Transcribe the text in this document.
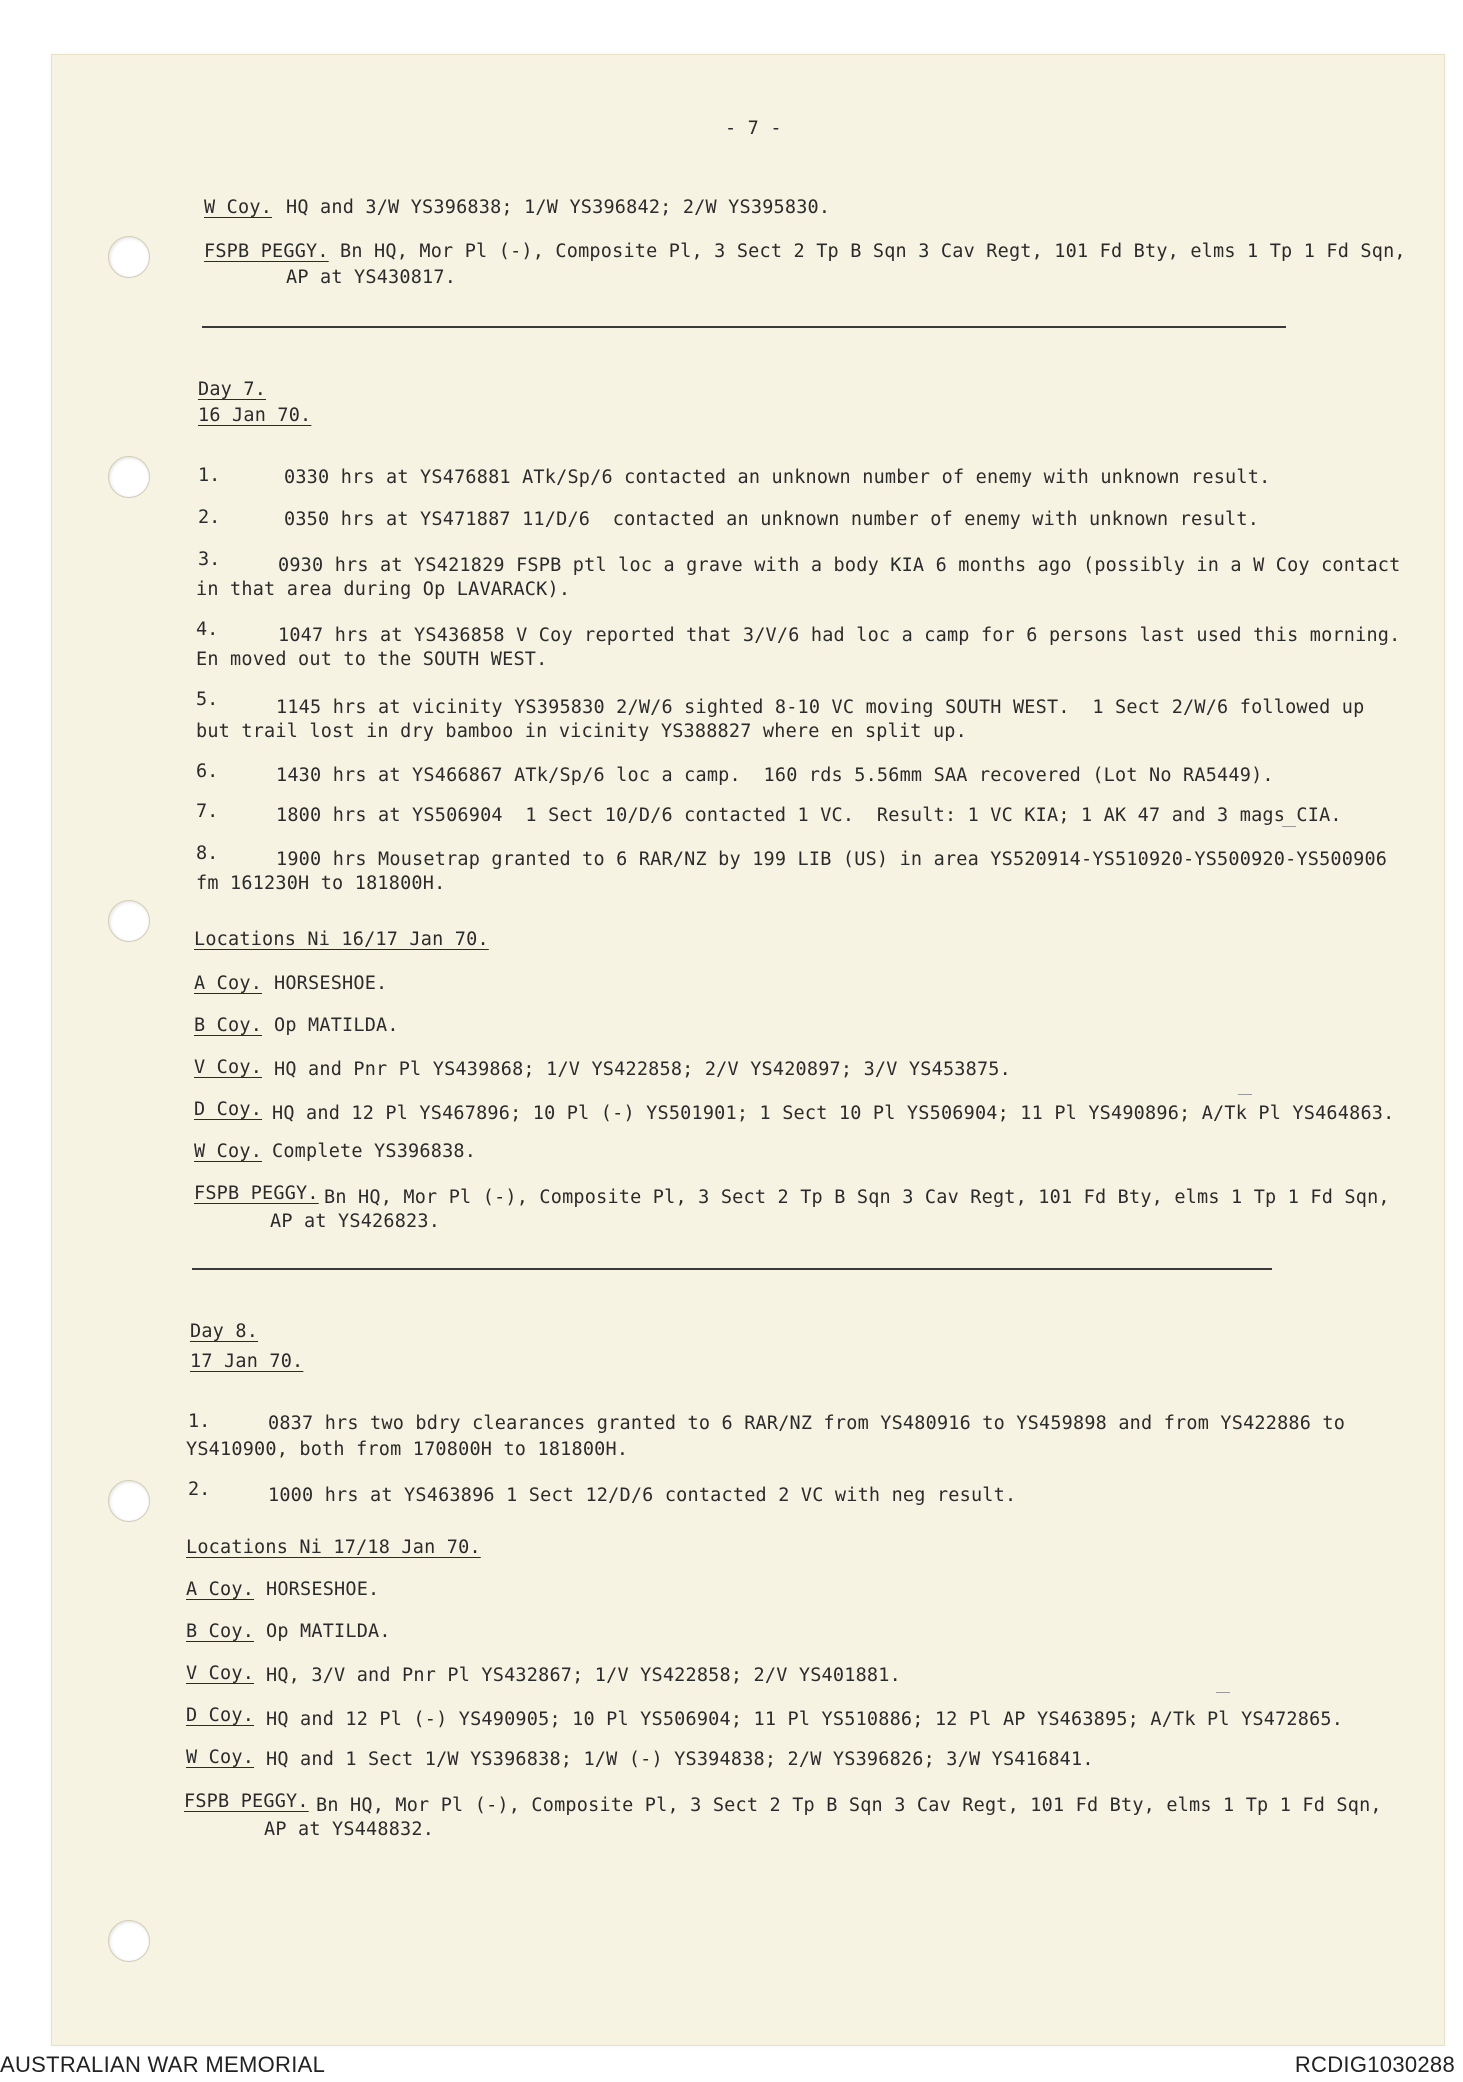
- 7 -
W Coy. HQ and 3/W YS396838; 1/W YS396842; 2/W YS395830.
FSPB PEGGY. Bn HQ, Mor Pl (-), Composite Pl, 3 Sect 2 Tp B Sqn 3 Cav Regt, 101 Fd Bty, elms 1 Tp 1 Fd Sqn,
AP at YS430817.
Day 7.
16 Jan 70.
1.	0330 hrs at YS476881 ATk/Sp/6 contacted an unknown number of enemy with unknown result.
2.	0350 hrs at YS471887 11/D/6  contacted an unknown number of enemy with unknown result.
3.	0930 hrs at YS421829 FSPB ptl loc a grave with a body KIA 6 months ago (possibly in a W Coy contact
in that area during Op LAVARACK).
4.	1047 hrs at YS436858 V Coy reported that 3/V/6 had loc a camp for 6 persons last used this morning.
En moved out to the SOUTH WEST.
5.	1145 hrs at vicinity YS395830 2/W/6 sighted 8-10 VC moving SOUTH WEST.  1 Sect 2/W/6 followed up
but trail lost in dry bamboo in vicinity YS388827 where en split up.
6.	1430 hrs at YS466867 ATk/Sp/6 loc a camp.  160 rds 5.56mm SAA recovered (Lot No RA5449).
7.	1800 hrs at YS506904  1 Sect 10/D/6 contacted 1 VC.  Result: 1 VC KIA; 1 AK 47 and 3 mags CIA.
8.	1900 hrs Mousetrap granted to 6 RAR/NZ by 199 LIB (US) in area YS520914-YS510920-YS500920-YS500906
fm 161230H to 181800H.
Locations Ni 16/17 Jan 70.
A Coy. HORSESHOE.
B Coy. Op MATILDA.
V Coy. HQ and Pnr Pl YS439868; 1/V YS422858; 2/V YS420897; 3/V YS453875.
D Coy. HQ and 12 Pl YS467896; 10 Pl (-) YS501901; 1 Sect 10 Pl YS506904; 11 Pl YS490896; A/Tk Pl YS464863.
W Coy. Complete YS396838.
FSPB PEGGY. Bn HQ, Mor Pl (-), Composite Pl, 3 Sect 2 Tp B Sqn 3 Cav Regt, 101 Fd Bty, elms 1 Tp 1 Fd Sqn,
AP at YS426823.
Day 8.
17 Jan 70.
1.	0837 hrs two bdry clearances granted to 6 RAR/NZ from YS480916 to YS459898 and from YS422886 to
YS410900, both from 170800H to 181800H.
2.	1000 hrs at YS463896 1 Sect 12/D/6 contacted 2 VC with neg result.
Locations Ni 17/18 Jan 70.
A Coy. HORSESHOE.
B Coy. Op MATILDA.
V Coy. HQ, 3/V and Pnr Pl YS432867; 1/V YS422858; 2/V YS401881.
D Coy. HQ and 12 Pl (-) YS490905; 10 Pl YS506904; 11 Pl YS510886; 12 Pl AP YS463895; A/Tk Pl YS472865.
W Coy. HQ and 1 Sect 1/W YS396838; 1/W (-) YS394838; 2/W YS396826; 3/W YS416841.
FSPB PEGGY. Bn HQ, Mor Pl (-), Composite Pl, 3 Sect 2 Tp B Sqn 3 Cav Regt, 101 Fd Bty, elms 1 Tp 1 Fd Sqn,
AP at YS448832.
AUSTRALIAN WAR MEMORIAL	RCDIG1030288
